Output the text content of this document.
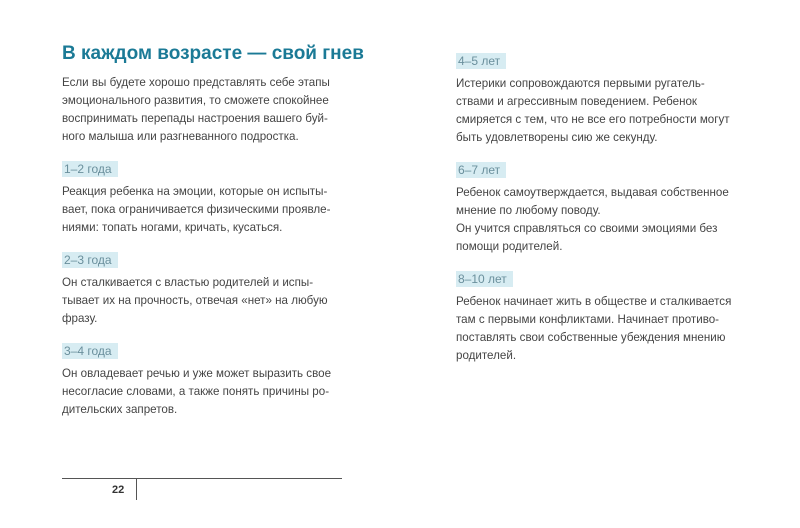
В каждом возрасте — свой гнев

Если вы будете хорошо представлять себе этапы

эмоционального развития, то сможете спокойнее

воспринимать перепады настроения вашего буй-

ного малыша или разгневанного подростка.

1–2 года

Реакция ребенка на эмоции, которые он испыты-

вает, пока ограничивается физическими проявле-

ниями: топать ногами, кричать, кусаться.

2–3 года

Он сталкивается с властью родителей и испы-

тывает их на прочность, отвечая «нет» на любую

фразу.

3–4 года

Он овладевает речью и уже может выразить свое

несогласие словами, а также понять причины ро-

дительских запретов.

4–5 лет

Истерики сопровождаются первыми ругатель-

ствами и агрессивным поведением. Ребенок

смиряется с тем, что не все его потребности могут

быть удовлетворены сию же секунду.

6–7 лет

Ребенок самоутверждается, выдавая собственное

мнение по любому поводу.

Он учится справляться со своими эмоциями без

помощи родителей.

8–10 лет

Ребенок начинает жить в обществе и сталкивается

там с первыми конфликтами. Начинает противо-

поставлять свои собственные убеждения мнению

родителей.

22
